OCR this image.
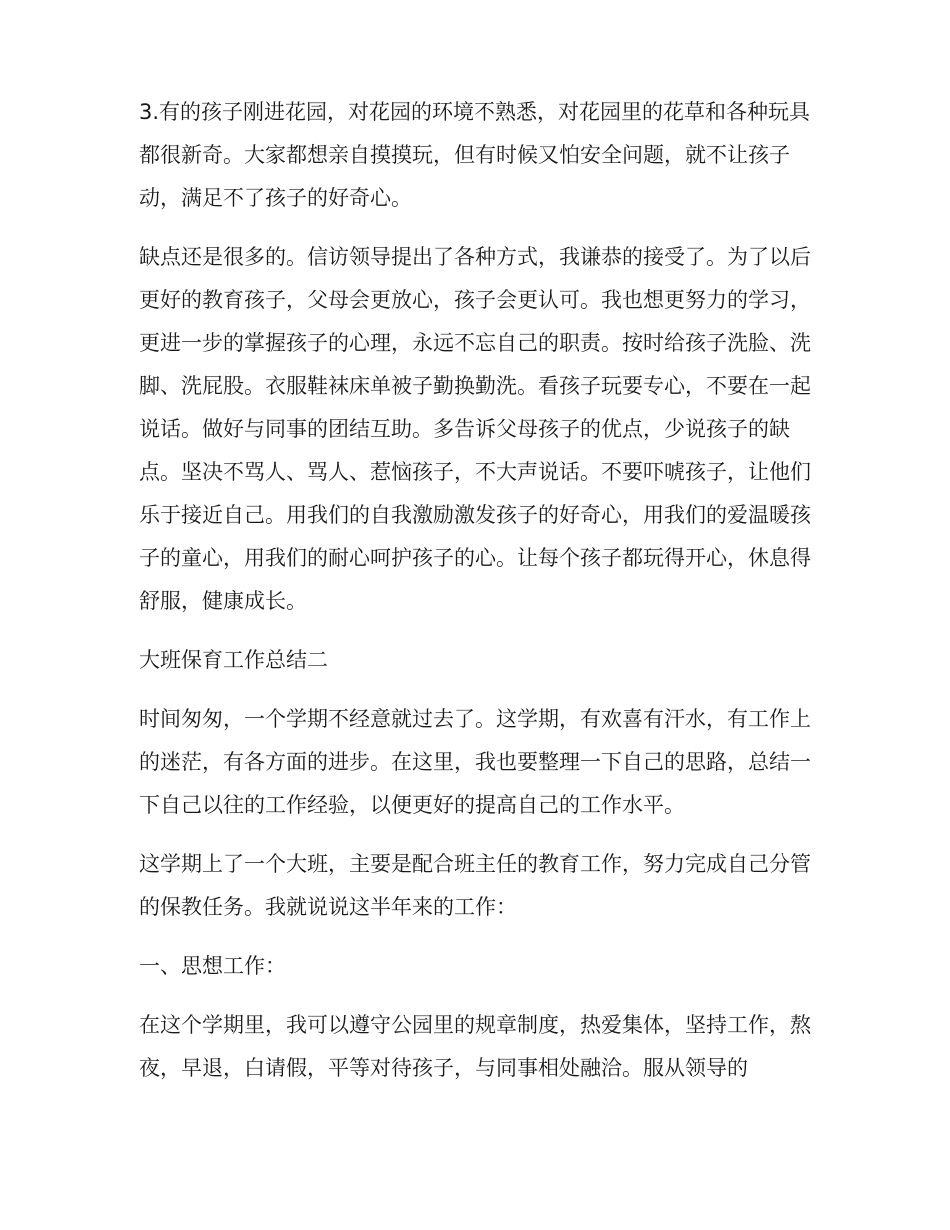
3.有的孩子刚进花园，对花园的环境不熟悉，对花园里的花草和各种玩具都很新奇。大家都想亲自摸摸玩，但有时候又怕安全问题，就不让孩子动，满足不了孩子的好奇心。

缺点还是很多的。信访领导提出了各种方式，我谦恭的接受了。为了以后更好的教育孩子，父母会更放心，孩子会更认可。我也想更努力的学习，更进一步的掌握孩子的心理，永远不忘自己的职责。按时给孩子洗脸、洗脚、洗屁股。衣服鞋袜床单被子勤换勤洗。看孩子玩要专心，不要在一起说话。做好与同事的团结互助。多告诉父母孩子的优点，少说孩子的缺点。坚决不骂人、骂人、惹恼孩子，不大声说话。不要吓唬孩子，让他们乐于接近自己。用我们的自我激励激发孩子的好奇心，用我们的爱温暖孩子的童心，用我们的耐心呵护孩子的心。让每个孩子都玩得开心，休息得舒服，健康成长。

大班保育工作总结二

时间匆匆，一个学期不经意就过去了。这学期，有欢喜有汗水，有工作上的迷茫，有各方面的进步。在这里，我也要整理一下自己的思路，总结一下自己以往的工作经验，以便更好的提高自己的工作水平。

这学期上了一个大班，主要是配合班主任的教育工作，努力完成自己分管的保教任务。我就说说这半年来的工作：

一、思想工作：

在这个学期里，我可以遵守公园里的规章制度，热爱集体，坚持工作，熬夜，早退，白请假，平等对待孩子，与同事相处融洽。服从领导的
